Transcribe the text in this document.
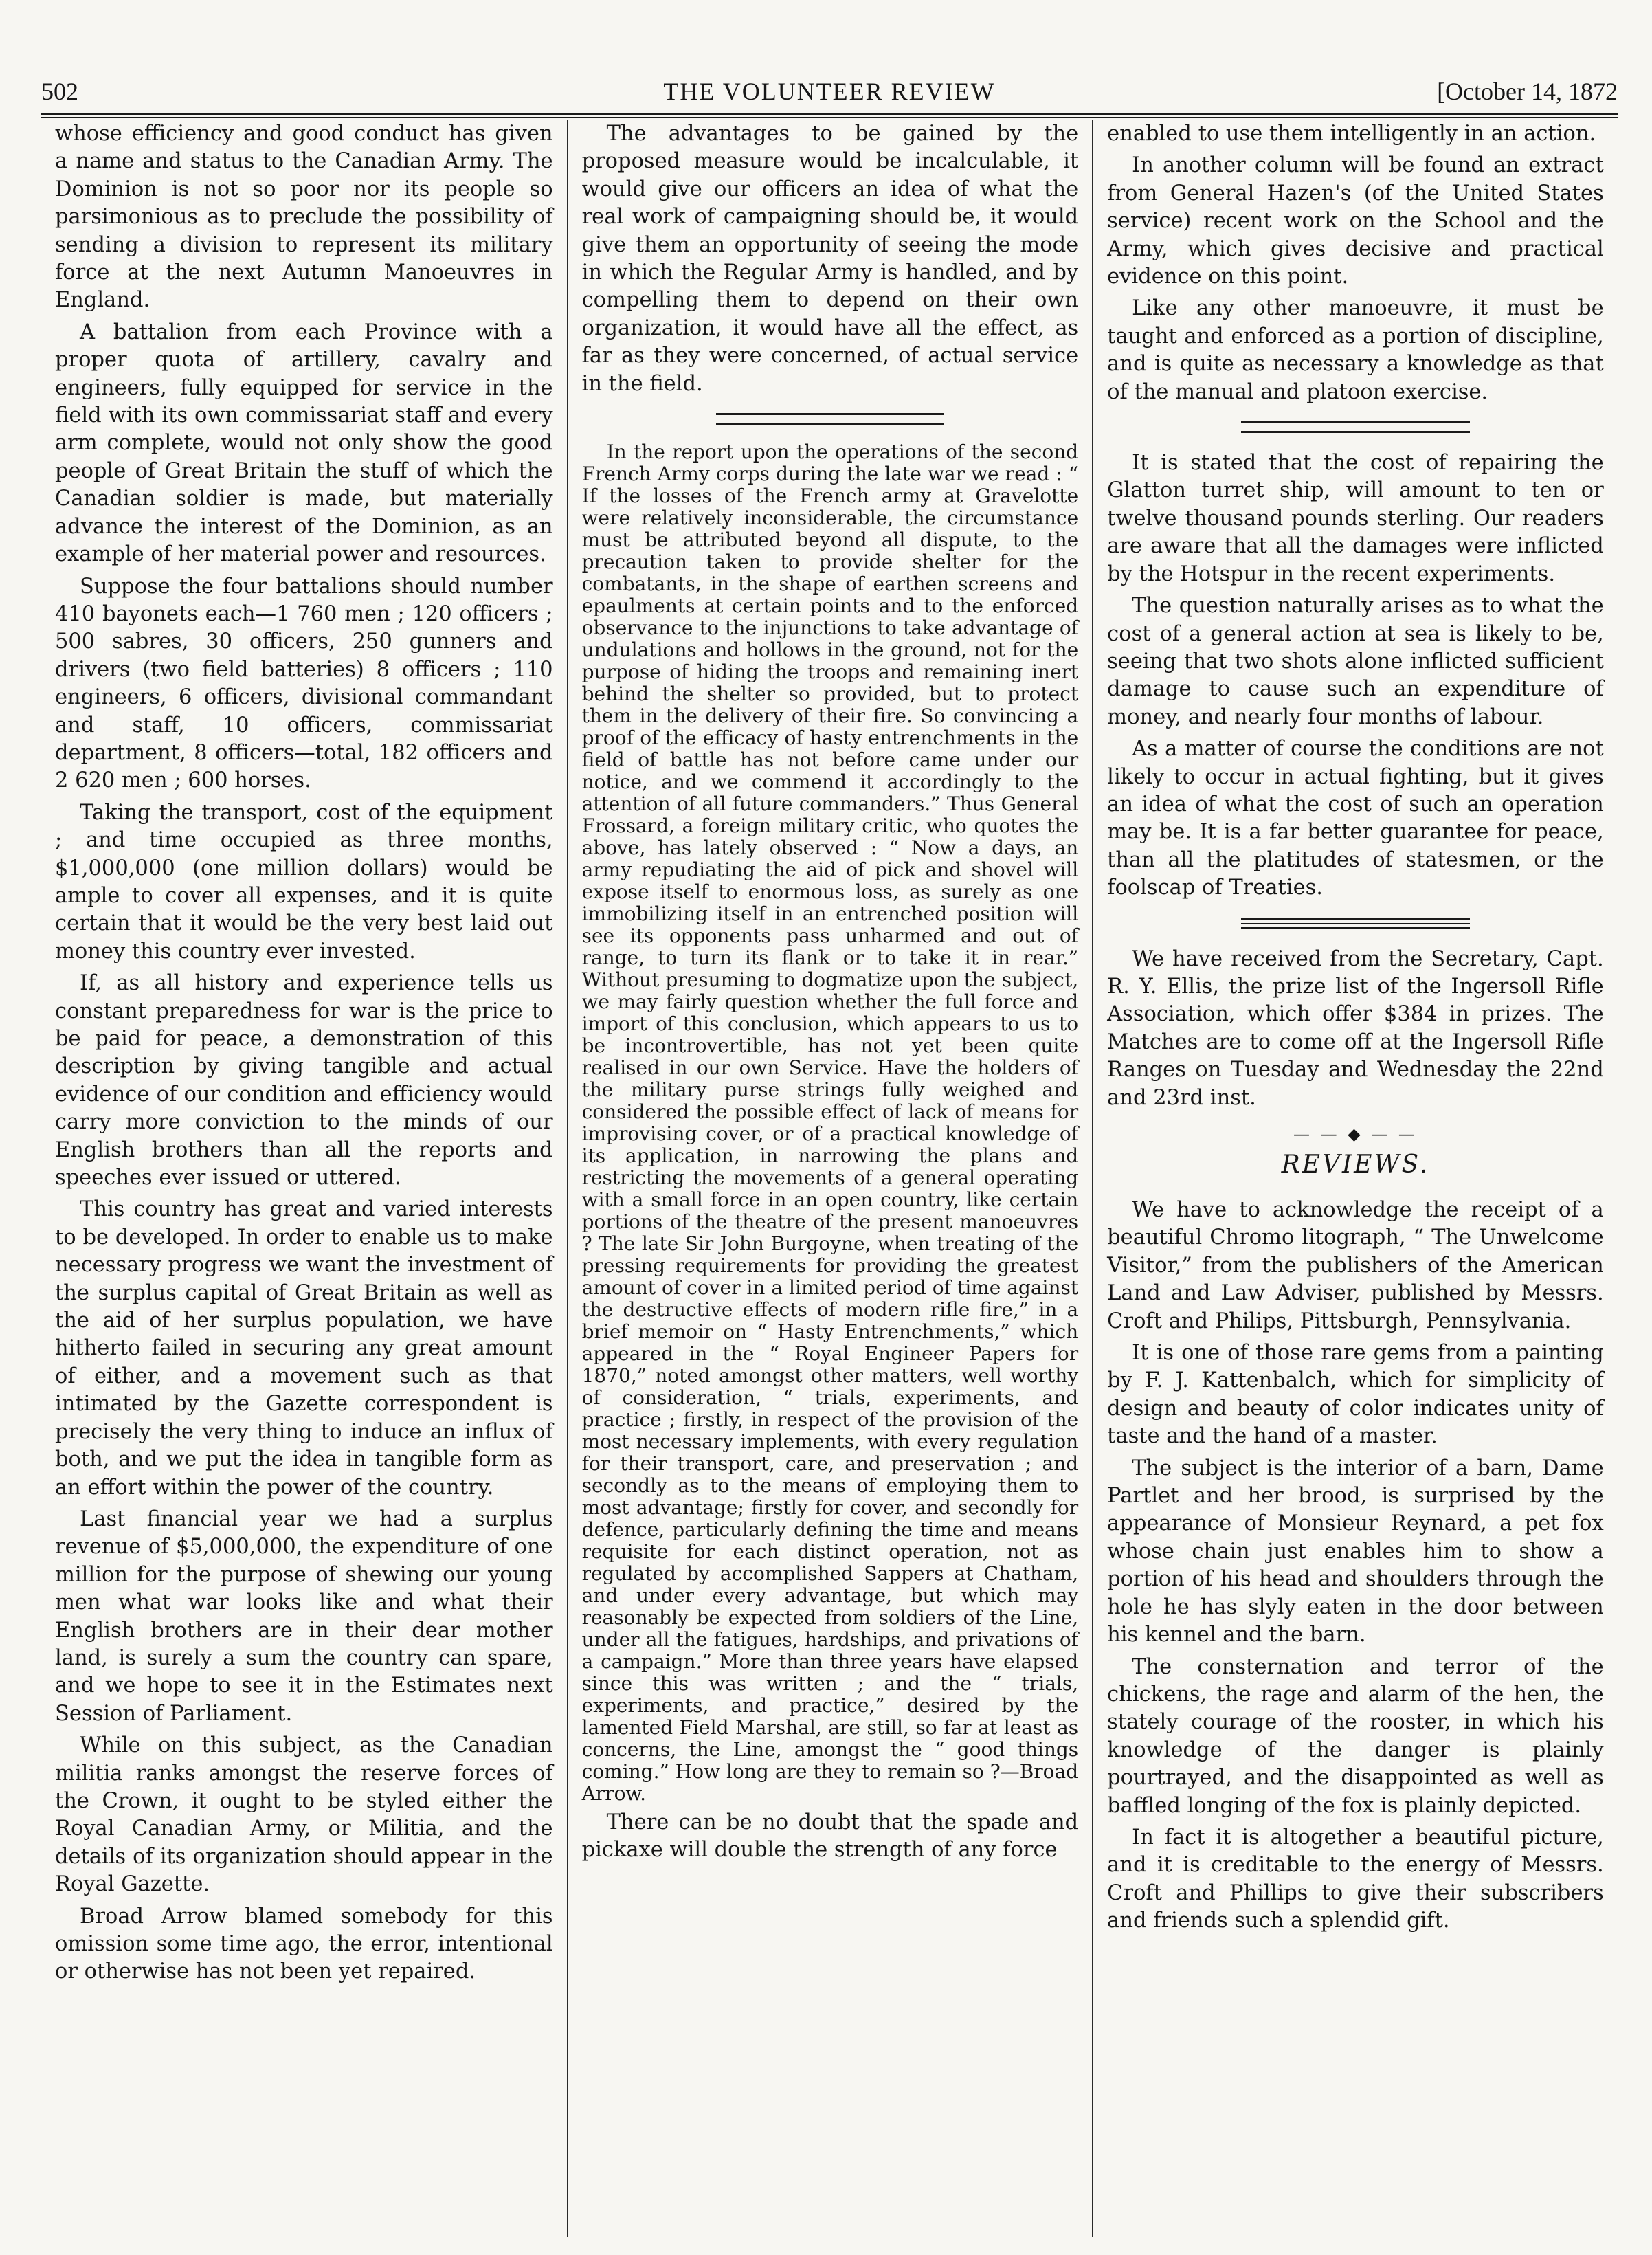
502	THE VOLUNTEER REVIEW	[October 14, 1872

whose efficiency and good conduct has given a name and status to the Canadian Army. The Dominion is not so poor nor its people so parsimonious as to preclude the possibility of sending a division to represent its military force at the next Autumn Manoeuvres in England.

A battalion from each Province with a proper quota of artillery, cavalry and engineers, fully equipped for service in the field with its own commissariat staff and every arm complete, would not only show the good people of Great Britain the stuff of which the Canadian soldier is made, but materially advance the interest of the Dominion, as an example of her material power and resources.

Suppose the four battalions should number 410 bayonets each—1 760 men ; 120 officers ; 500 sabres, 30 officers, 250 gunners and drivers (two field batteries) 8 officers ; 110 engineers, 6 officers, divisional commandant and staff, 10 officers, commissariat department, 8 officers—total, 182 officers and 2 620 men ; 600 horses.

Taking the transport, cost of the equipment ; and time occupied as three months, $1,000,000 (one million dollars) would be ample to cover all expenses, and it is quite certain that it would be the very best laid out money this country ever invested.

If, as all history and experience tells us constant preparedness for war is the price to be paid for peace, a demonstration of this description by giving tangible and actual evidence of our condition and efficiency would carry more conviction to the minds of our English brothers than all the reports and speeches ever issued or uttered.

This country has great and varied interests to be developed. In order to enable us to make necessary progress we want the investment of the surplus capital of Great Britain as well as the aid of her surplus population, we have hitherto failed in securing any great amount of either, and a movement such as that intimated by the Gazette correspondent is precisely the very thing to induce an influx of both, and we put the idea in tangible form as an effort within the power of the country.

Last financial year we had a surplus revenue of $5,000,000, the expenditure of one million for the purpose of shewing our young men what war looks like and what their English brothers are in their dear mother land, is surely a sum the country can spare, and we hope to see it in the Estimates next Session of Parliament.

While on this subject, as the Canadian militia ranks amongst the reserve forces of the Crown, it ought to be styled either the Royal Canadian Army, or Militia, and the details of its organization should appear in the Royal Gazette.

Broad Arrow blamed somebody for this omission some time ago, the error, intentional or otherwise has not been yet repaired.

The advantages to be gained by the proposed measure would be incalculable, it would give our officers an idea of what the real work of campaigning should be, it would give them an opportunity of seeing the mode in which the Regular Army is handled, and by compelling them to depend on their own organization, it would have all the effect, as far as they were concerned, of actual service in the field.

In the report upon the operations of the second French Army corps during the late war we read : “ If the losses of the French army at Gravelotte were relatively inconsiderable, the circumstance must be attributed beyond all dispute, to the precaution taken to provide shelter for the combatants, in the shape of earthen screens and epaulments at certain points and to the enforced observance to the injunctions to take advantage of undulations and hollows in the ground, not for the purpose of hiding the troops and remaining inert behind the shelter so provided, but to protect them in the delivery of their fire. So convincing a proof of the efficacy of hasty entrenchments in the field of battle has not before came under our notice, and we commend it accordingly to the attention of all future commanders.” Thus General Frossard, a foreign military critic, who quotes the above, has lately observed : “ Now a days, an army repudiating the aid of pick and shovel will expose itself to enormous loss, as surely as one immobilizing itself in an entrenched position will see its opponents pass unharmed and out of range, to turn its flank or to take it in rear.” Without presuming to dogmatize upon the subject, we may fairly question whether the full force and import of this conclusion, which appears to us to be incontrovertible, has not yet been quite realised in our own Service. Have the holders of the military purse strings fully weighed and considered the possible effect of lack of means for improvising cover, or of a practical knowledge of its application, in narrowing the plans and restricting the movements of a general operating with a small force in an open country, like certain portions of the theatre of the present manoeuvres ? The late Sir John Burgoyne, when treating of the pressing requirements for providing the greatest amount of cover in a limited period of time against the destructive effects of modern rifle fire,” in a brief memoir on “ Hasty Entrenchments,” which appeared in the “ Royal Engineer Papers for 1870,” noted amongst other matters, well worthy of consideration, “ trials, experiments, and practice ; firstly, in respect of the provision of the most necessary implements, with every regulation for their transport, care, and preservation ; and secondly as to the means of employing them to most advantage; firstly for cover, and secondly for defence, particularly defining the time and means requisite for each distinct operation, not as regulated by accomplished Sappers at Chatham, and under every advantage, but which may reasonably be expected from soldiers of the Line, under all the fatigues, hardships, and privations of a campaign.” More than three years have elapsed since this was written ; and the “ trials, experiments, and practice,” desired by the lamented Field Marshal, are still, so far at least as concerns, the Line, amongst the “ good things coming.” How long are they to remain so ?—Broad Arrow.

There can be no doubt that the spade and pickaxe will double the strength of any force

enabled to use them intelligently in an action.

In another column will be found an extract from General Hazen's (of the United States service) recent work on the School and the Army, which gives decisive and practical evidence on this point.

Like any other manoeuvre, it must be taught and enforced as a portion of discipline, and is quite as necessary a knowledge as that of the manual and platoon exercise.

It is stated that the cost of repairing the Glatton turret ship, will amount to ten or twelve thousand pounds sterling. Our readers are aware that all the damages were inflicted by the Hotspur in the recent experiments.

The question naturally arises as to what the cost of a general action at sea is likely to be, seeing that two shots alone inflicted sufficient damage to cause such an expenditure of money, and nearly four months of labour.

As a matter of course the conditions are not likely to occur in actual fighting, but it gives an idea of what the cost of such an operation may be. It is a far better guarantee for peace, than all the platitudes of statesmen, or the foolscap of Treaties.

We have received from the Secretary, Capt. R. Y. Ellis, the prize list of the Ingersoll Rifle Association, which offer $384 in prizes. The Matches are to come off at the Ingersoll Rifle Ranges on Tuesday and Wednesday the 22nd and 23rd inst.

— — ◆ — —
REVIEWS.

We have to acknowledge the receipt of a beautiful Chromo litograph, “ The Unwelcome Visitor,” from the publishers of the American Land and Law Adviser, published by Messrs. Croft and Philips, Pittsburgh, Pennsylvania.

It is one of those rare gems from a painting by F. J. Kattenbalch, which for simplicity of design and beauty of color indicates unity of taste and the hand of a master.

The subject is the interior of a barn, Dame Partlet and her brood, is surprised by the appearance of Monsieur Reynard, a pet fox whose chain just enables him to show a portion of his head and shoulders through the hole he has slyly eaten in the door between his kennel and the barn.

The consternation and terror of the chickens, the rage and alarm of the hen, the stately courage of the rooster, in which his knowledge of the danger is plainly pourtrayed, and the disappointed as well as baffled longing of the fox is plainly depicted.

In fact it is altogether a beautiful picture, and it is creditable to the energy of Messrs. Croft and Phillips to give their subscribers and friends such a splendid gift.
